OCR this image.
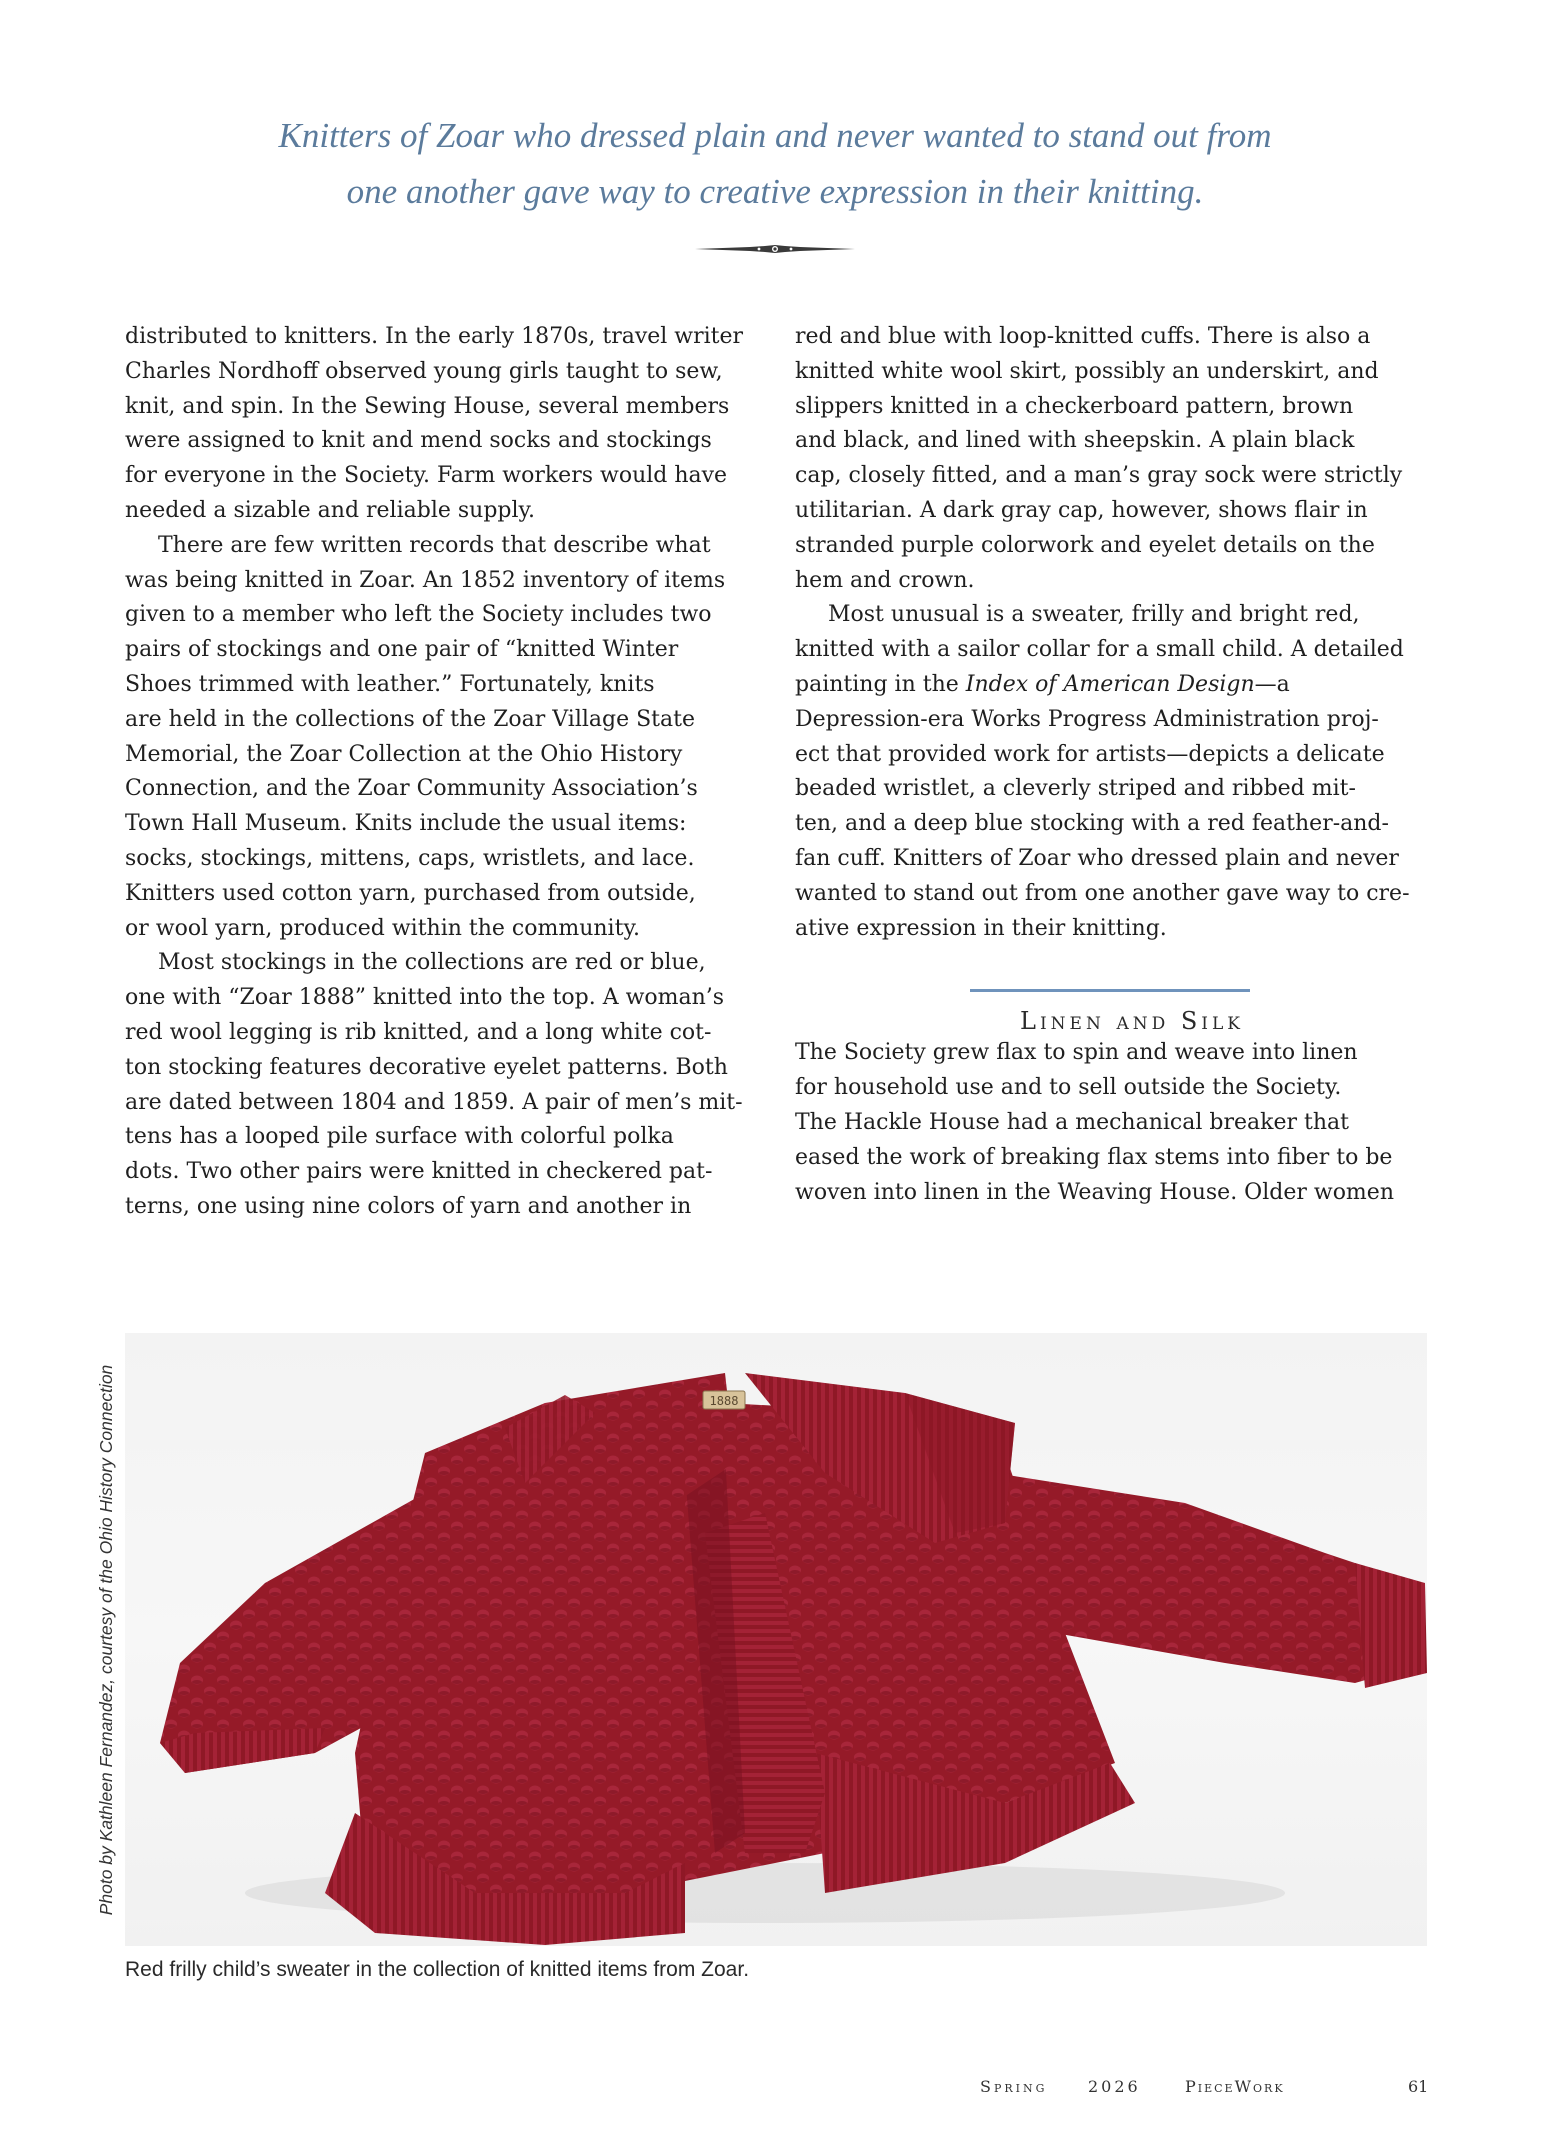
Knitters of Zoar who dressed plain and never wanted to stand out from
one another gave way to creative expression in their knitting.
distributed to knitters. In the early 1870s, travel writer
Charles Nordhoff observed young girls taught to sew,
knit, and spin. In the Sewing House, several members
were assigned to knit and mend socks and stockings
for everyone in the Society. Farm workers would have
needed a sizable and reliable supply.
There are few written records that describe what
was being knitted in Zoar. An 1852 inventory of items
given to a member who left the Society includes two
pairs of stockings and one pair of “knitted Winter
Shoes trimmed with leather.” Fortunately, knits
are held in the collections of the Zoar Village State
Memorial, the Zoar Collection at the Ohio History
Connection, and the Zoar Community Association’s
Town Hall Museum. Knits include the usual items:
socks, stockings, mittens, caps, wristlets, and lace.
Knitters used cotton yarn, purchased from outside,
or wool yarn, produced within the community.
Most stockings in the collections are red or blue,
one with “Zoar 1888” knitted into the top. A woman’s
red wool legging is rib knitted, and a long white cot-
ton stocking features decorative eyelet patterns. Both
are dated between 1804 and 1859. A pair of men’s mit-
tens has a looped pile surface with colorful polka
dots. Two other pairs were knitted in checkered pat-
terns, one using nine colors of yarn and another in
red and blue with loop-knitted cuffs. There is also a
knitted white wool skirt, possibly an underskirt, and
slippers knitted in a checkerboard pattern, brown
and black, and lined with sheepskin. A plain black
cap, closely fitted, and a man’s gray sock were strictly
utilitarian. A dark gray cap, however, shows flair in
stranded purple colorwork and eyelet details on the
hem and crown.
Most unusual is a sweater, frilly and bright red,
knitted with a sailor collar for a small child. A detailed
painting in the Index of American Design—a
Depression-era Works Progress Administration proj-
ect that provided work for artists—depicts a delicate
beaded wristlet, a cleverly striped and ribbed mit-
ten, and a deep blue stocking with a red feather-and-
fan cuff. Knitters of Zoar who dressed plain and never
wanted to stand out from one another gave way to cre-
ative expression in their knitting.
Linen and Silk
The Society grew flax to spin and weave into linen
for household use and to sell outside the Society.
The Hackle House had a mechanical breaker that
eased the work of breaking flax stems into fiber to be
woven into linen in the Weaving House. Older women
Photo by Kathleen Fernandez, courtesy of the Ohio History Connection	1888
Red frilly child’s sweater in the collection of knitted items from Zoar.
Spring	2026	PieceWork	61
